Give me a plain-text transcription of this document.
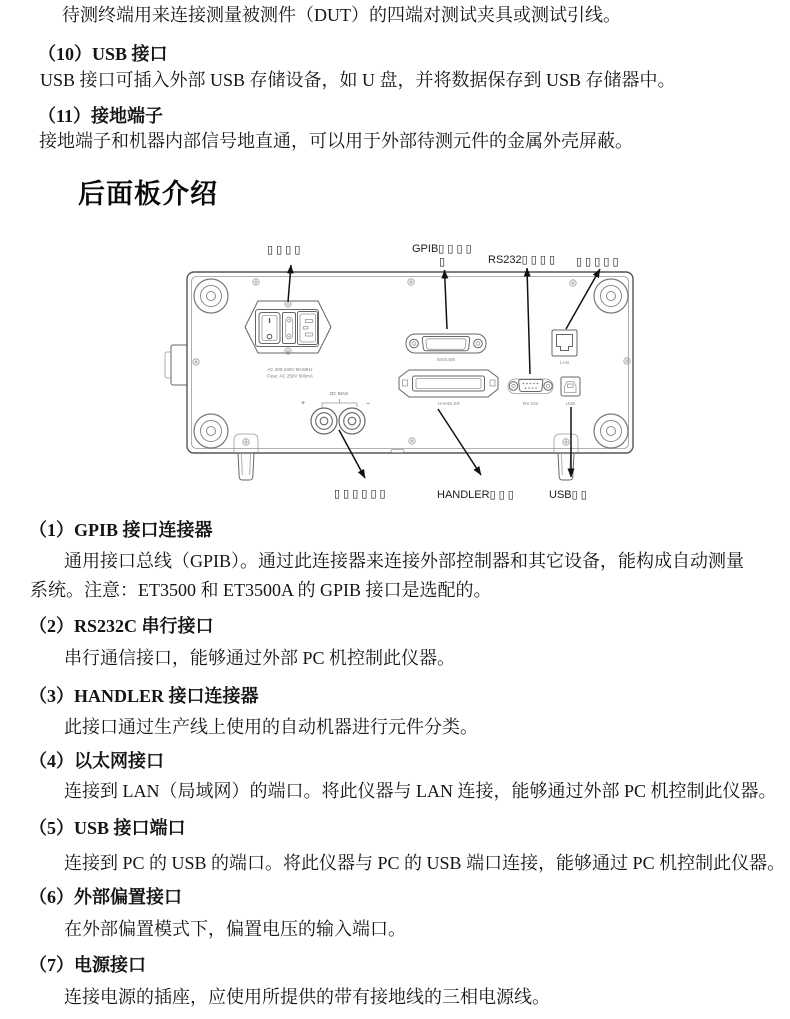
待测终端用来连接测量被测件（DUT）的四端对测试夹具或测试引线。
（10）USB 接口
USB 接口可插入外部 USB 存储设备，如 U 盘，并将数据保存到 USB 存储器中。
（11）接地端子
接地端子和机器内部信号地直通，可以用于外部待测元件的金属外壳屏蔽。
后面板介绍
AC 200-240V 50-60Hz
Fuse: AC 250V 500mA
DC BIAS
+	−
IEEE488
HANDLER	RS-232
LAN
USB
▯ ▯ ▯ ▯	GPIB▯ ▯ ▯ ▯
▯	RS232▯ ▯ ▯ ▯ ▯ ▯ ▯ ▯ ▯
▯ ▯ ▯ ▯ ▯ ▯	HANDLER▯ ▯ ▯	USB▯ ▯
（1）GPIB 接口连接器
通用接口总线（GPIB）。通过此连接器来连接外部控制器和其它设备，能构成自动测量
系统。注意：ET3500 和 ET3500A 的 GPIB 接口是选配的。
（2）RS232C 串行接口
串行通信接口，能够通过外部 PC 机控制此仪器。
（3）HANDLER 接口连接器
此接口通过生产线上使用的自动机器进行元件分类。
（4）以太网接口
连接到 LAN（局域网）的端口。将此仪器与 LAN 连接，能够通过外部 PC 机控制此仪器。
（5）USB 接口端口
连接到 PC 的 USB 的端口。将此仪器与 PC 的 USB 端口连接，能够通过 PC 机控制此仪器。
（6）外部偏置接口
在外部偏置模式下，偏置电压的输入端口。
（7）电源接口
连接电源的插座，应使用所提供的带有接地线的三相电源线。
